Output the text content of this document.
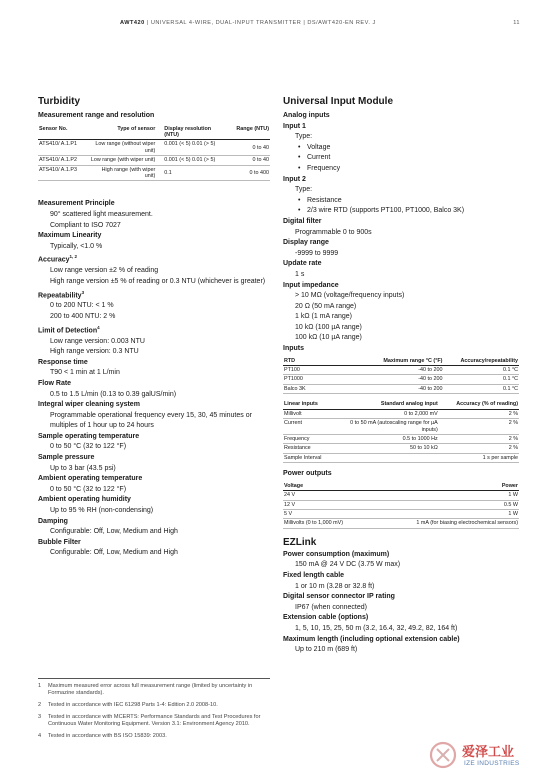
AWT420 | UNIVERSAL 4-WIRE, DUAL-INPUT TRANSMITTER | DS/AWT420-EN REV. J	11
Turbidity
Measurement range and resolution
Sensor No.	Type of sensor	Display resolution (NTU)	Range (NTU)
ATS410/ A.1.P1	Low range (without wiper unit)	0.001 (< 5) 0.01 (> 5)	0 to 40
ATS410/ A.1.P2	Low range (with wiper unit)	0.001 (< 5) 0.01 (> 5)	0 to 40
ATS410/ A.1.P3	High range (with wiper unit)	0.1	0 to 400
Measurement Principle
90° scattered light measurement.
Compliant to ISO 7027
Maximum Linearity
Typically, <1.0 %
Accuracy$^{1, 2}$
Low range version ±2 % of reading
High range version ±5 % of reading or 0.3 NTU (whichever is greater)
Repeatability$^3$
0 to 200 NTU: < 1 %
200 to 400 NTU: 2 %
Limit of Detection$^4$
Low range version: 0.003 NTU
High range version: 0.3 NTU
Response time
T90 < 1 min at 1 L/min
Flow Rate
0.5 to 1.5 L/min (0.13 to 0.39 galUS/min)
Integral wiper cleaning system
Programmable operational frequency every 15, 30, 45 minutes or multiples of 1 hour up to 24 hours
Sample operating temperature
0 to 50 °C (32 to 122 °F)
Sample pressure
Up to 3 bar (43.5 psi)
Ambient operating temperature
0 to 50 °C (32 to 122 °F)
Ambient operating humidity
Up to 95 % RH (non-condensing)
Damping
Configurable: Off, Low, Medium and High
Bubble Filter
Configurable: Off, Low, Medium and High
1	Maximum measured error across full measurement range (limited by uncertainty in Formazine standards).
2	Tested in accordance with IEC 61298 Parts 1-4: Edition 2.0 2008-10.
3	Tested in accordance with MCERTS: Performance Standards and Test Procedures for Continuous Water Monitoring Equipment. Version 3.1: Environment Agency 2010.
4	Tested in accordance with BS ISO 15839: 2003.
Universal Input Module
Analog inputs
Input 1
Type:
• Voltage
• Current
• Frequency
Input 2
Type:
• Resistance
• 2/3 wire RTD (supports PT100, PT1000, Balco 3K)
Digital filter
Programmable 0 to 900s
Display range
-9999 to 9999
Update rate
1 s
Input impedance
> 10 MΩ (voltage/frequency inputs)
20 Ω (50 mA range)
1 kΩ (1 mA range)
10 kΩ (100 µA range)
100 kΩ (10 µA range)
Inputs
RTD	Maximum range °C (°F)	Accuracy/repeatability
PT100	-40 to 200	0.1 °C
PT1000	-40 to 200	0.1 °C
Balco 3K	-40 to 200	0.1 °C
Linear inputs	Standard analog input	Accuracy (% of reading)
Millivolt	0 to 2,000 mV	2 %
Current	0 to 50 mA (autoscaling range for µA inputs)	2 %
Frequency	0.5 to 1000 Hz	2 %
Resistance	50 to 10 kΩ	2 %
Sample Interval		1 s per sample
Power outputs
Voltage	Power
24 V	1 W
12 V	0.5 W
5 V	1 W
Millivolts (0 to 1,000 mV)	1 mA (for biasing electrochemical sensors)
EZLink
Power consumption (maximum)
150 mA @ 24 V DC (3.75 W max)
Fixed length cable
1 or 10 m (3.28 or 32.8 ft)
Digital sensor connector IP rating
IP67 (when connected)
Extension cable (options)
1, 5, 10, 15, 25, 50 m (3.2, 16.4, 32, 49.2, 82, 164 ft)
Maximum length (including optional extension cable)
Up to 210 m (689 ft)
爱泽工业
IZE INDUSTRIES
